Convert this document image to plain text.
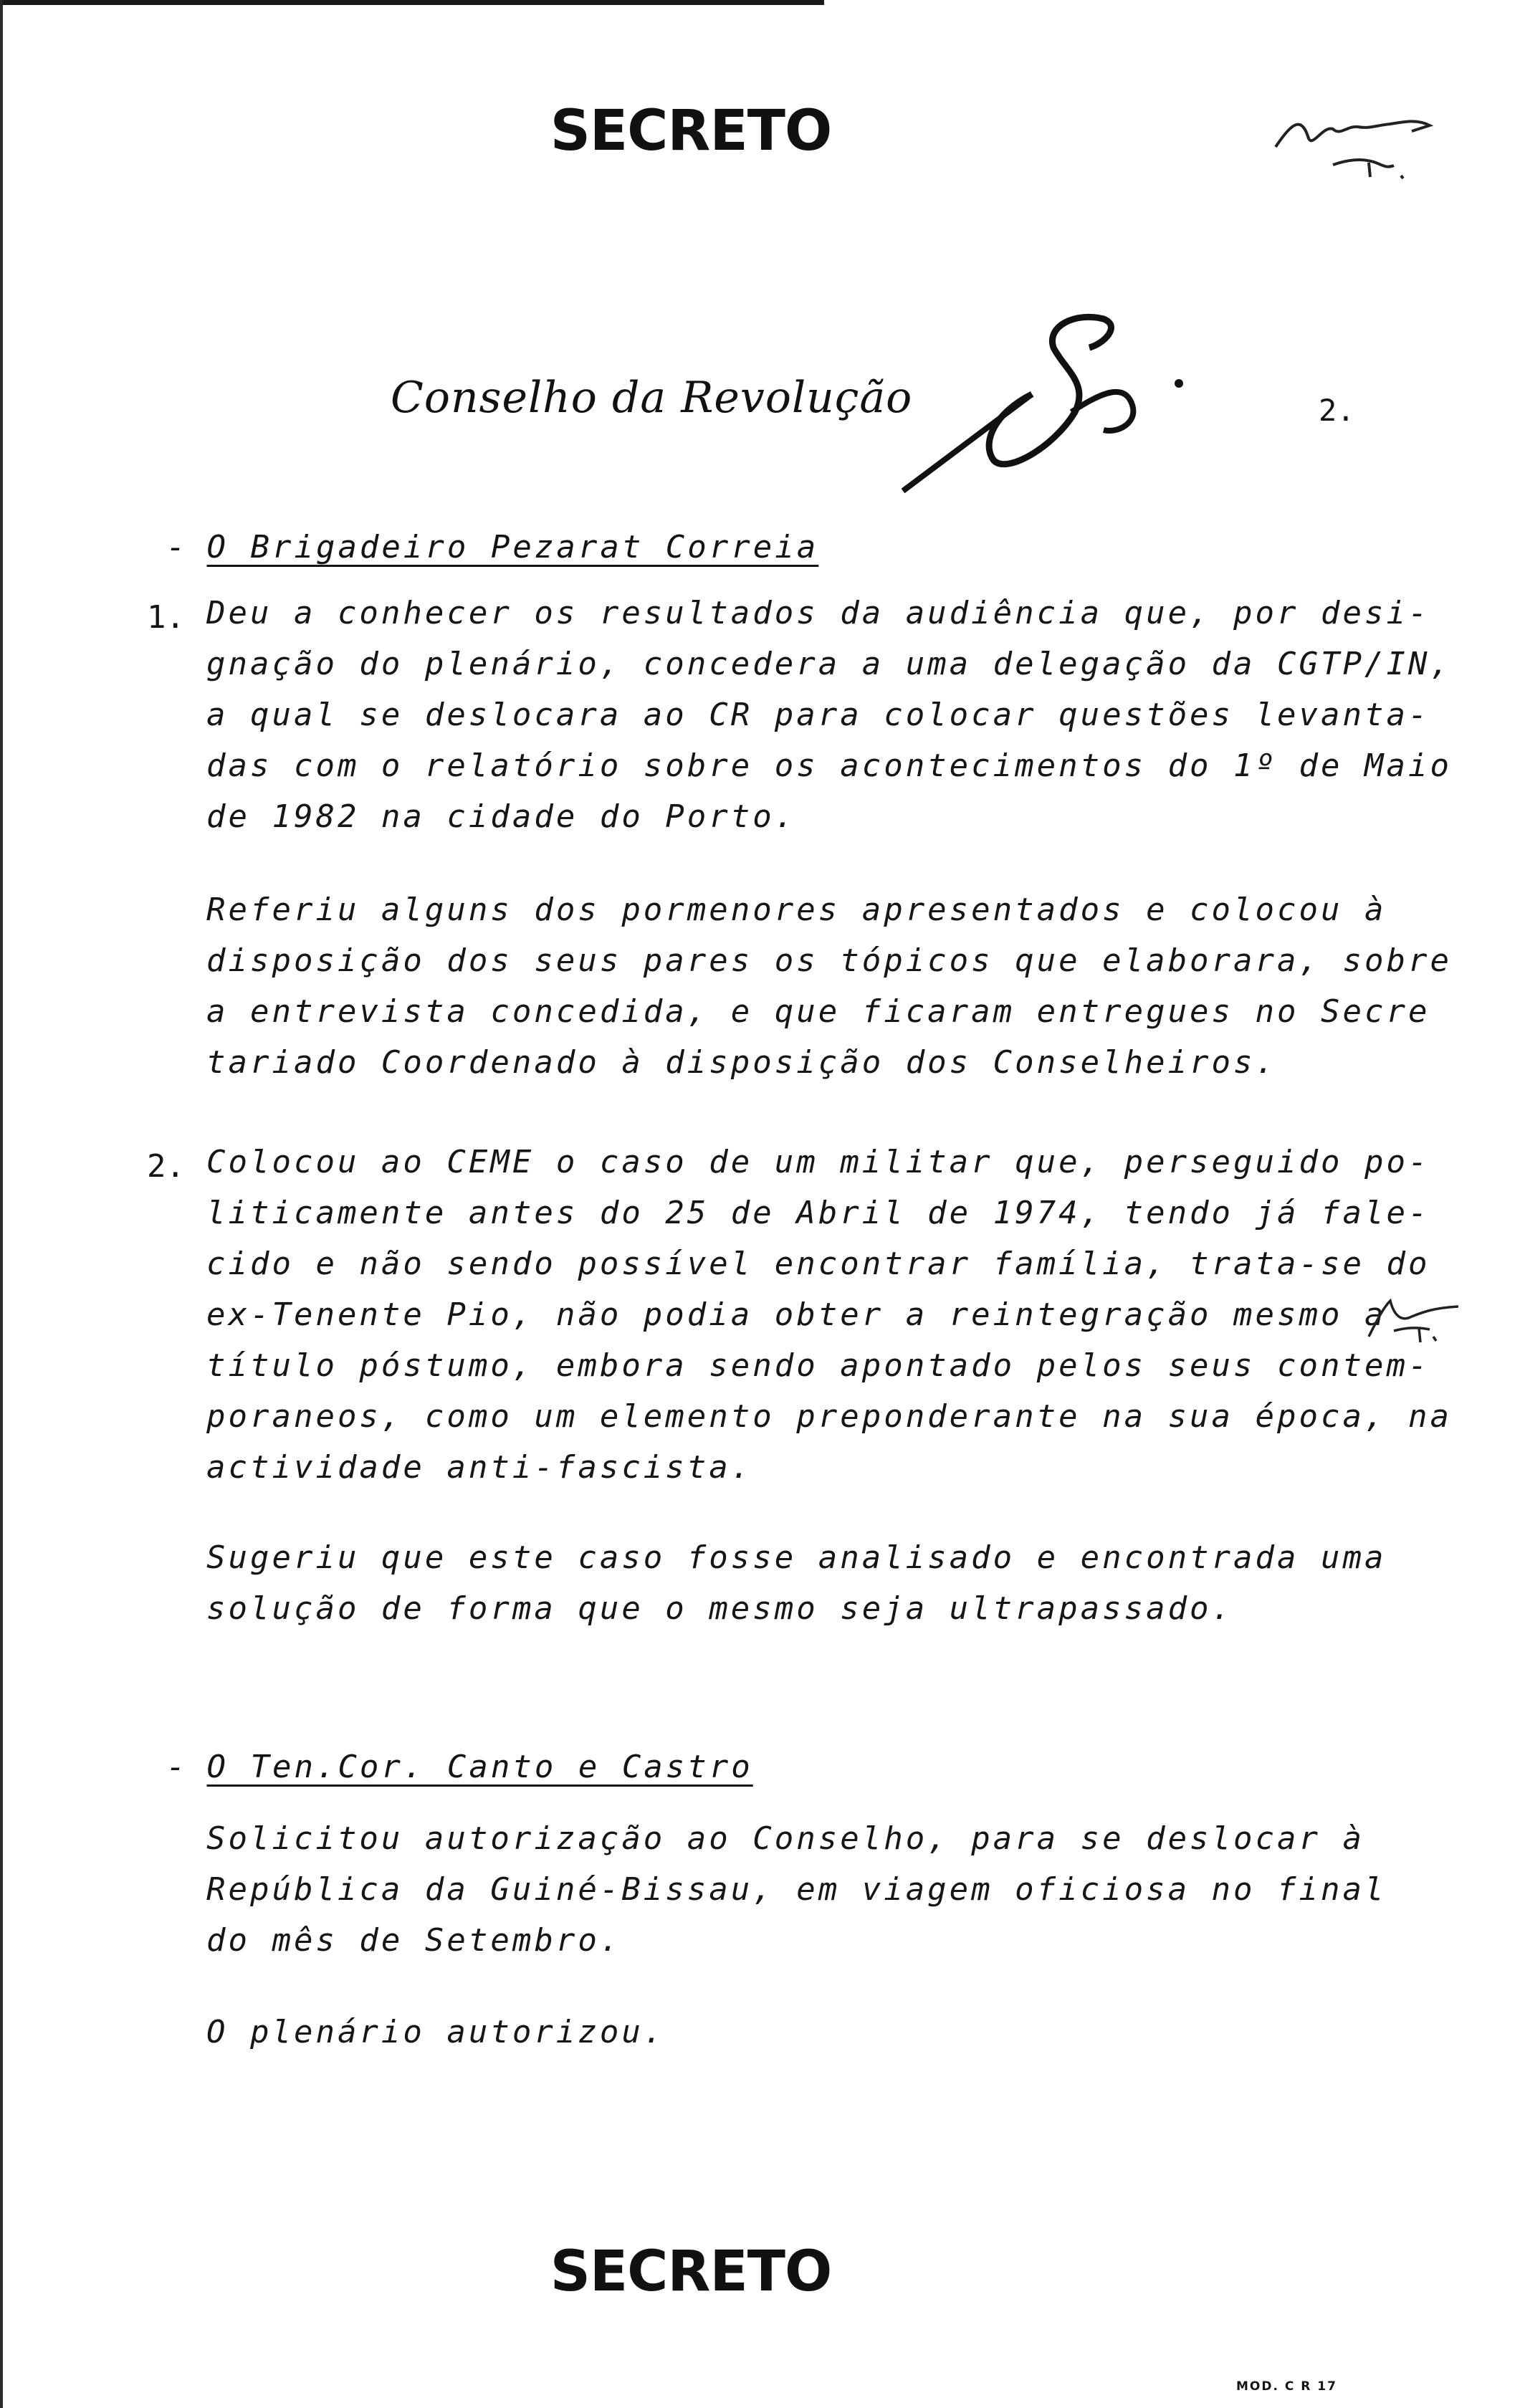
SECRETO
Conselho da Revolução	2.
- O Brigadeiro Pezarat Correia
1. Deu a conhecer os resultados da audiência que, por desi-
gnação do plenário, concedera a uma delegação da CGTP/IN,
a qual se deslocara ao CR para colocar questões levanta-
das com o relatório sobre os acontecimentos do 1º de Maio
de 1982 na cidade do Porto.
Referiu alguns dos pormenores apresentados e colocou à
disposição dos seus pares os tópicos que elaborara, sobre
a entrevista concedida, e que ficaram entregues no Secre
tariado Coordenado à disposição dos Conselheiros.
2. Colocou ao CEME o caso de um militar que, perseguido po-
liticamente antes do 25 de Abril de 1974, tendo já fale-
cido e não sendo possível encontrar família, trata-se do
ex-Tenente Pio, não podia obter a reintegração mesmo a
título póstumo, embora sendo apontado pelos seus contem-
poraneos, como um elemento preponderante na sua época, na
actividade anti-fascista.
Sugeriu que este caso fosse analisado e encontrada uma
solução de forma que o mesmo seja ultrapassado.
- O Ten.Cor. Canto e Castro
Solicitou autorização ao Conselho, para se deslocar à
República da Guiné-Bissau, em viagem oficiosa no final
do mês de Setembro.
O plenário autorizou.
SECRETO
MOD. C R 17
